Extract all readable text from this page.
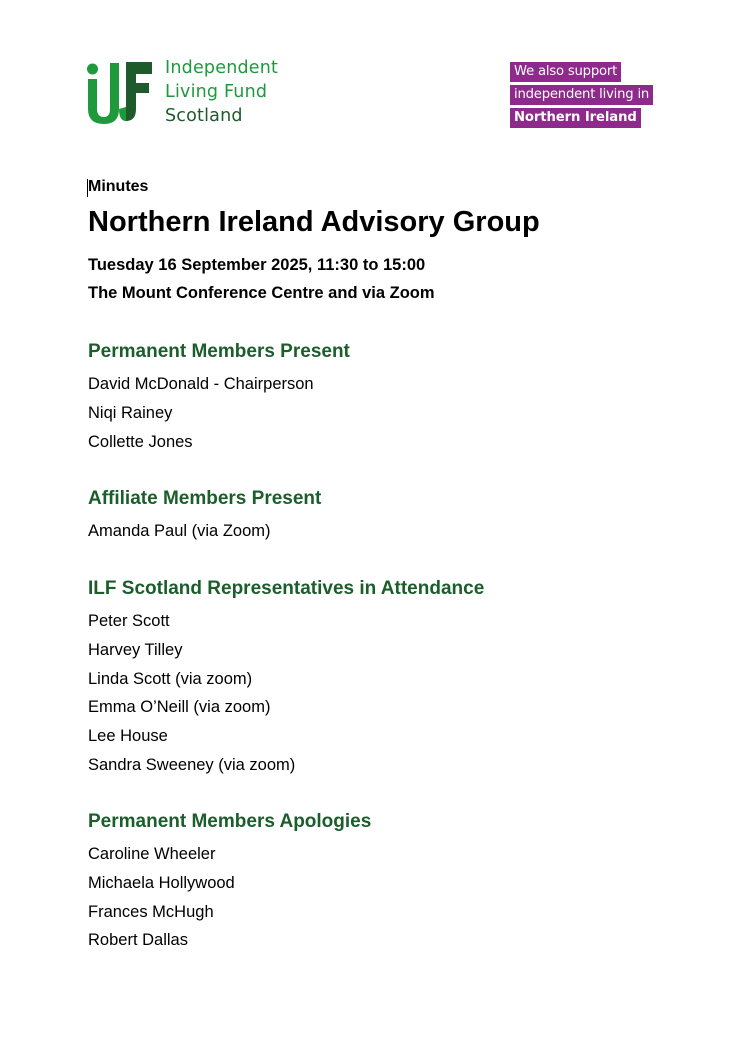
Independent
Living Fund
Scotland
We also support
independent living in
Northern Ireland
Minutes
Northern Ireland Advisory Group
Tuesday 16 September 2025, 11:30 to 15:00
The Mount Conference Centre and via Zoom
Permanent Members Present
David McDonald - Chairperson
Niqi Rainey
Collette Jones
Affiliate Members Present
Amanda Paul (via Zoom)
ILF Scotland Representatives in Attendance
Peter Scott
Harvey Tilley
Linda Scott (via zoom)
Emma O’Neill (via zoom)
Lee House
Sandra Sweeney (via zoom)
Permanent Members Apologies
Caroline Wheeler
Michaela Hollywood
Frances McHugh
Robert Dallas
